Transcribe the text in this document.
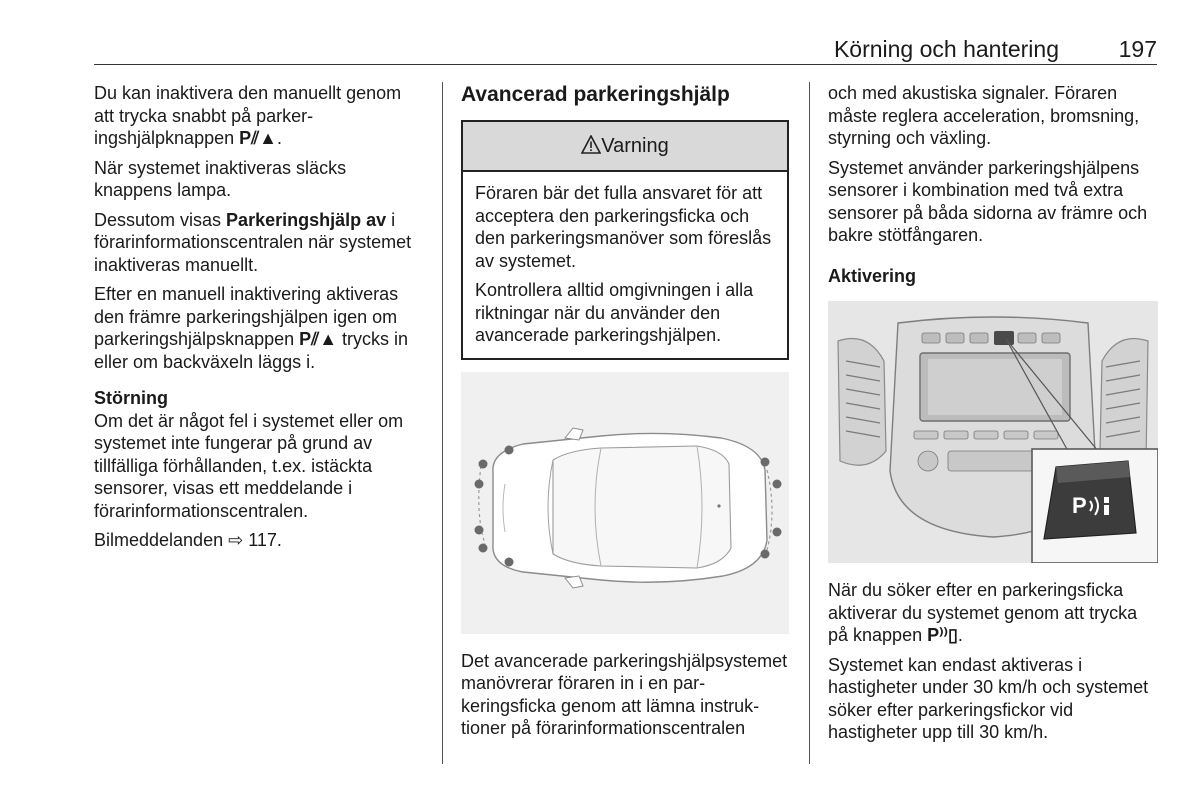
Körning och hantering	197

Du kan inaktivera den manuellt genom att trycka snabbt på parkeringshjälpknappen P⫽▲.

När systemet inaktiveras släcks knappens lampa.

Dessutom visas Parkeringshjälp av i förarinformationscentralen när systemet inaktiveras manuellt.

Efter en manuell inaktivering aktiveras den främre parkeringshjälpen igen om parkeringshjälpsknappen P⫽▲ trycks in eller om backväxeln läggs i.

Störning

Om det är något fel i systemet eller om systemet inte fungerar på grund av tillfälliga förhållanden, t.ex. istäckta sensorer, visas ett meddelande i förarinformationscentralen.

Bilmeddelanden ⇨ 117.

Avancerad parkeringshjälp
Varning

Föraren bär det fulla ansvaret för att acceptera den parkeringsficka och den parkeringsmanöver som föreslås av systemet.

Kontrollera alltid omgivningen i alla riktningar när du använder den avancerade parkeringshjälpen.

Det avancerade parkeringshjälpsystemet manövrerar föraren in i en parkeringsficka genom att lämna instruktioner på förarinformationscentralen

och med akustiska signaler. Föraren måste reglera acceleration, bromsning, styrning och växling.

Systemet använder parkeringshjälpens sensorer i kombination med två extra sensorer på båda sidorna av främre och bakre stötfångaren.

Aktivering
P

När du söker efter en parkeringsficka aktiverar du systemet genom att trycka på knappen P⁾⁾▯.

Systemet kan endast aktiveras i hastigheter under 30 km/h och systemet söker efter parkeringsfickor vid hastigheter upp till 30 km/h.
